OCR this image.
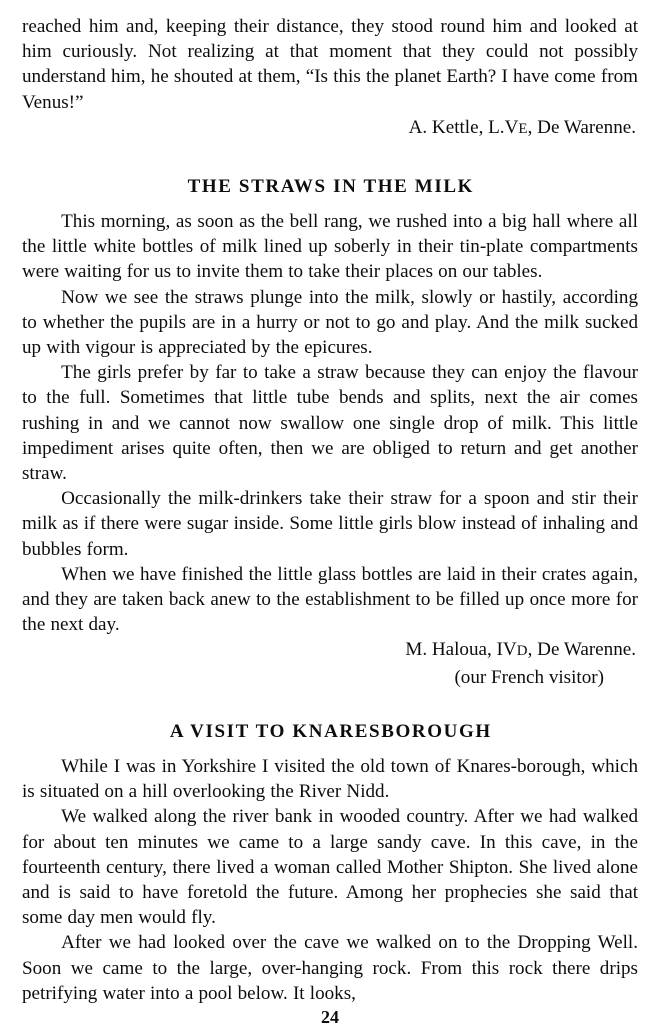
reached him and, keeping their distance, they stood round him and looked at him curiously. Not realizing at that moment that they could not possibly understand him, he shouted at them, “Is this the planet Earth? I have come from Venus!”

A. Kettle, L.VE, De Warenne.

THE STRAWS IN THE MILK

This morning, as soon as the bell rang, we rushed into a big hall where all the little white bottles of milk lined up soberly in their tin-plate compartments were waiting for us to invite them to take their places on our tables.

Now we see the straws plunge into the milk, slowly or hastily, according to whether the pupils are in a hurry or not to go and play. And the milk sucked up with vigour is appreciated by the epicures.

The girls prefer by far to take a straw because they can enjoy the flavour to the full. Sometimes that little tube bends and splits, next the air comes rushing in and we cannot now swallow one single drop of milk. This little impediment arises quite often, then we are obliged to return and get another straw.

Occasionally the milk-drinkers take their straw for a spoon and stir their milk as if there were sugar inside. Some little girls blow instead of inhaling and bubbles form.

When we have finished the little glass bottles are laid in their crates again, and they are taken back anew to the establishment to be filled up once more for the next day.

M. Haloua, IVD, De Warenne.

(our French visitor)

A VISIT TO KNARESBOROUGH

While I was in Yorkshire I visited the old town of Knares-borough, which is situated on a hill overlooking the River Nidd.

We walked along the river bank in wooded country. After we had walked for about ten minutes we came to a large sandy cave. In this cave, in the fourteenth century, there lived a woman called Mother Shipton. She lived alone and is said to have foretold the future. Among her prophecies she said that some day men would fly.

After we had looked over the cave we walked on to the Dropping Well. Soon we came to the large, over-hanging rock. From this rock there drips petrifying water into a pool below. It looks,

24
